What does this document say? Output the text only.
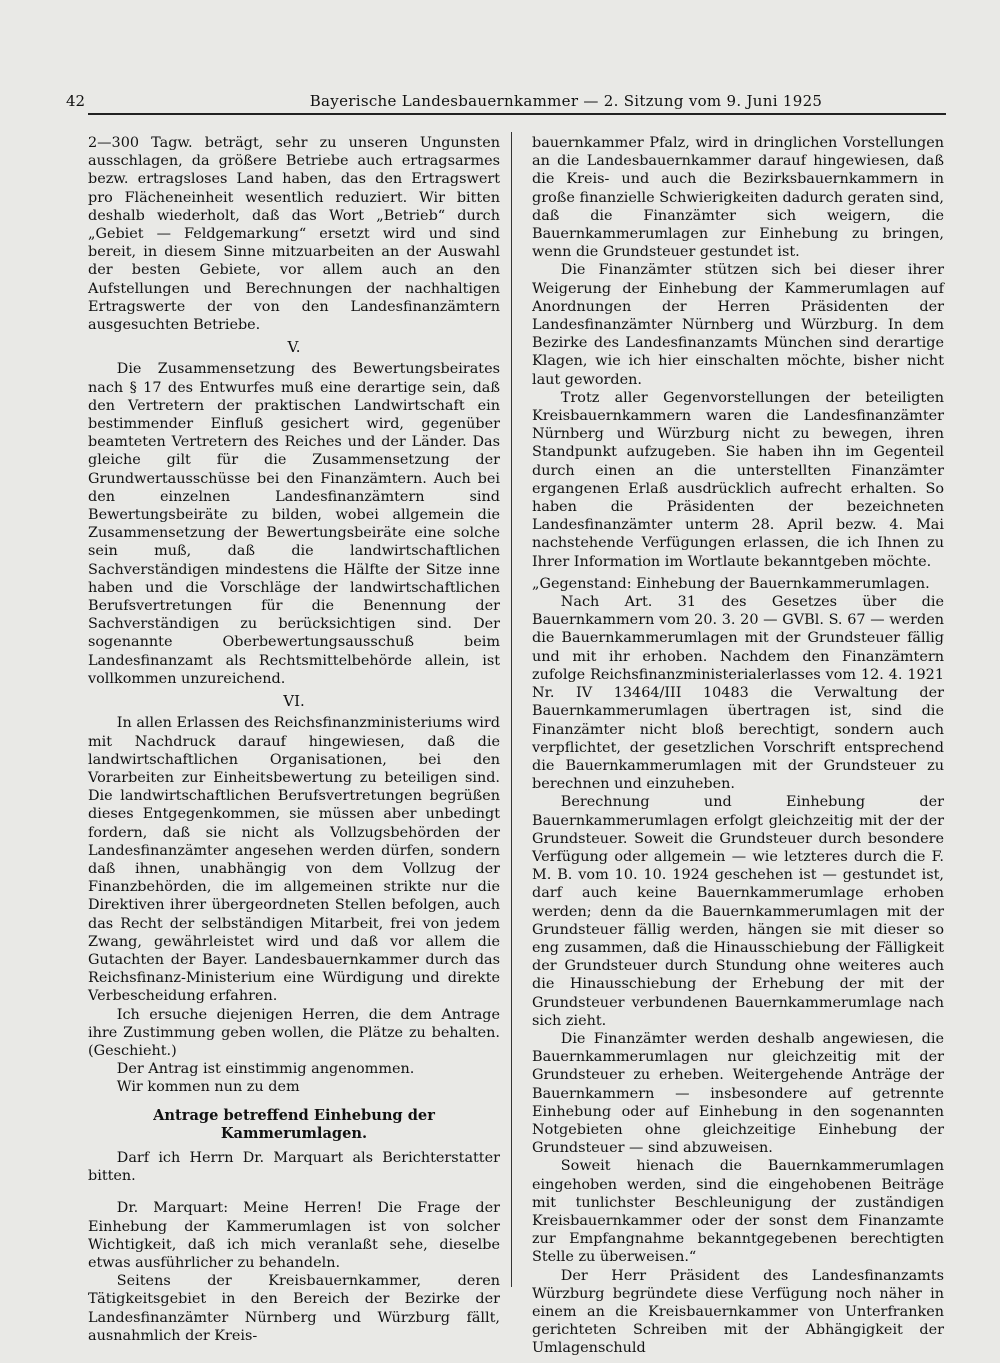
42	Bayerische Landesbauernkammer — 2. Sitzung vom 9. Juni 1925

2—300 Tagw. beträgt, sehr zu unseren Ungunsten ausschlagen, da größere Betriebe auch ertragsarmes bezw. ertragsloses Land haben, das den Ertragswert pro Flächeneinheit wesentlich reduziert. Wir bitten deshalb wiederholt, daß das Wort „Betrieb“ durch „Gebiet — Feldgemarkung“ ersetzt wird und sind bereit, in diesem Sinne mitzuarbeiten an der Auswahl der besten Gebiete, vor allem auch an den Aufstellungen und Berechnungen der nachhaltigen Ertragswerte der von den Landesfinanzämtern ausgesuchten Betriebe.

V.

Die Zusammensetzung des Bewertungsbeirates nach § 17 des Entwurfes muß eine derartige sein, daß den Vertretern der praktischen Landwirtschaft ein bestimmender Einfluß gesichert wird, gegenüber beamteten Vertretern des Reiches und der Länder. Das gleiche gilt für die Zusammensetzung der Grundwertausschüsse bei den Finanzämtern. Auch bei den einzelnen Landesfinanzämtern sind Bewertungsbeiräte zu bilden, wobei allgemein die Zusammensetzung der Bewertungsbeiräte eine solche sein muß, daß die landwirtschaftlichen Sachverständigen mindestens die Hälfte der Sitze inne haben und die Vorschläge der landwirtschaftlichen Berufsvertretungen für die Benennung der Sachverständigen zu berücksichtigen sind. Der sogenannte Oberbewertungsausschuß beim Landesfinanzamt als Rechtsmittelbehörde allein, ist vollkommen unzureichend.

VI.

In allen Erlassen des Reichsfinanzministeriums wird mit Nachdruck darauf hingewiesen, daß die landwirtschaftlichen Organisationen, bei den Vorarbeiten zur Einheitsbewertung zu beteiligen sind. Die landwirtschaftlichen Berufsvertretungen begrüßen dieses Entgegenkommen, sie müssen aber unbedingt fordern, daß sie nicht als Vollzugsbehörden der Landesfinanzämter angesehen werden dürfen, sondern daß ihnen, unabhängig von dem Vollzug der Finanzbehörden, die im allgemeinen strikte nur die Direktiven ihrer übergeordneten Stellen befolgen, auch das Recht der selbständigen Mitarbeit, frei von jedem Zwang, gewährleistet wird und daß vor allem die Gutachten der Bayer. Landesbauernkammer durch das Reichsfinanz-Ministerium eine Würdigung und direkte Verbescheidung erfahren.

Ich ersuche diejenigen Herren, die dem Antrage ihre Zustimmung geben wollen, die Plätze zu behalten. (Geschieht.)

Der Antrag ist einstimmig angenommen.

Wir kommen nun zu dem

Antrage betreffend Einhebung der Kammerumlagen.

Darf ich Herrn Dr. Marquart als Berichterstatter bitten.

Dr. Marquart: Meine Herren! Die Frage der Einhebung der Kammerumlagen ist von solcher Wichtigkeit, daß ich mich veranlaßt sehe, dieselbe etwas ausführlicher zu behandeln.

Seitens der Kreisbauernkammer, deren Tätigkeitsgebiet in den Bereich der Bezirke der Landesfinanzämter Nürnberg und Würzburg fällt, ausnahmlich der Kreis-

bauernkammer Pfalz, wird in dringlichen Vorstellungen an die Landesbauernkammer darauf hingewiesen, daß die Kreis- und auch die Bezirksbauernkammern in große finanzielle Schwierigkeiten dadurch geraten sind, daß die Finanzämter sich weigern, die Bauernkammerumlagen zur Einhebung zu bringen, wenn die Grundsteuer gestundet ist.

Die Finanzämter stützen sich bei dieser ihrer Weigerung der Einhebung der Kammerumlagen auf Anordnungen der Herren Präsidenten der Landesfinanzämter Nürnberg und Würzburg. In dem Bezirke des Landesfinanzamts München sind derartige Klagen, wie ich hier einschalten möchte, bisher nicht laut geworden.

Trotz aller Gegenvorstellungen der beteiligten Kreisbauernkammern waren die Landesfinanzämter Nürnberg und Würzburg nicht zu bewegen, ihren Standpunkt aufzugeben. Sie haben ihn im Gegenteil durch einen an die unterstellten Finanzämter ergangenen Erlaß ausdrücklich aufrecht erhalten. So haben die Präsidenten der bezeichneten Landesfinanzämter unterm 28. April bezw. 4. Mai nachstehende Verfügungen erlassen, die ich Ihnen zu Ihrer Information im Wortlaute bekanntgeben möchte.

„Gegenstand: Einhebung der Bauernkammerumlagen.

Nach Art. 31 des Gesetzes über die Bauernkammern vom 20. 3. 20 — GVBl. S. 67 — werden die Bauernkammerumlagen mit der Grundsteuer fällig und mit ihr erhoben. Nachdem den Finanzämtern zufolge Reichsfinanzministerialerlasses vom 12. 4. 1921 Nr. IV 13464/III 10483 die Verwaltung der Bauernkammerumlagen übertragen ist, sind die Finanzämter nicht bloß berechtigt, sondern auch verpflichtet, der gesetzlichen Vorschrift entsprechend die Bauernkammerumlagen mit der Grundsteuer zu berechnen und einzuheben.

Berechnung und Einhebung der Bauernkammerumlagen erfolgt gleichzeitig mit der der Grundsteuer. Soweit die Grundsteuer durch besondere Verfügung oder allgemein — wie letzteres durch die F. M. B. vom 10. 10. 1924 geschehen ist — gestundet ist, darf auch keine Bauernkammerumlage erhoben werden; denn da die Bauernkammerumlagen mit der Grundsteuer fällig werden, hängen sie mit dieser so eng zusammen, daß die Hinausschiebung der Fälligkeit der Grundsteuer durch Stundung ohne weiteres auch die Hinausschiebung der Erhebung der mit der Grundsteuer verbundenen Bauernkammerumlage nach sich zieht.

Die Finanzämter werden deshalb angewiesen, die Bauernkammerumlagen nur gleichzeitig mit der Grundsteuer zu erheben. Weitergehende Anträge der Bauernkammern — insbesondere auf getrennte Einhebung oder auf Einhebung in den sogenannten Notgebieten ohne gleichzeitige Einhebung der Grundsteuer — sind abzuweisen.

Soweit hienach die Bauernkammerumlagen eingehoben werden, sind die eingehobenen Beiträge mit tunlichster Beschleunigung der zuständigen Kreisbauernkammer oder der sonst dem Finanzamte zur Empfangnahme bekanntgegebenen berechtigten Stelle zu überweisen.“

Der Herr Präsident des Landesfinanzamts Würzburg begründete diese Verfügung noch näher in einem an die Kreisbauernkammer von Unterfranken gerichteten Schreiben mit der Abhängigkeit der Umlagenschuld
